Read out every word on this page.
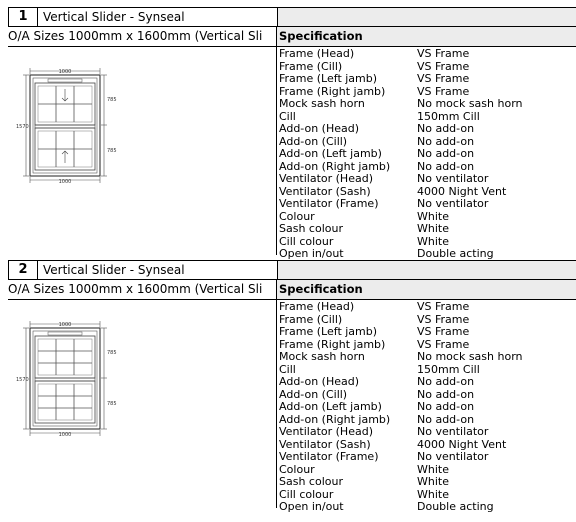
1	Vertical Slider - Synseal
O/A Sizes 1000mm x 1600mm (Vertical Sli	Specification
1000
1000
1570
785
785
Frame (Head)	VS Frame
Frame (Cill)	VS Frame
Frame (Left jamb)	VS Frame
Frame (Right jamb)	VS Frame
Mock sash horn	No mock sash horn
Cill	150mm Cill
Add-on (Head)	No add-on
Add-on (Cill)	No add-on
Add-on (Left jamb)	No add-on
Add-on (Right jamb) No add-on
Ventilator (Head)	No ventilator
Ventilator (Sash)	4000 Night Vent
Ventilator (Frame)	No ventilator
Colour	White
Sash colour	White
Cill colour	White
Open in/out	Double acting
2	Vertical Slider - Synseal
O/A Sizes 1000mm x 1600mm (Vertical Sli	Specification
1000
1000
1570
785
785
Frame (Head)	VS Frame
Frame (Cill)	VS Frame
Frame (Left jamb)	VS Frame
Frame (Right jamb)	VS Frame
Mock sash horn	No mock sash horn
Cill	150mm Cill
Add-on (Head)	No add-on
Add-on (Cill)	No add-on
Add-on (Left jamb)	No add-on
Add-on (Right jamb) No add-on
Ventilator (Head)	No ventilator
Ventilator (Sash)	4000 Night Vent
Ventilator (Frame)	No ventilator
Colour	White
Sash colour	White
Cill colour	White
Open in/out	Double acting
